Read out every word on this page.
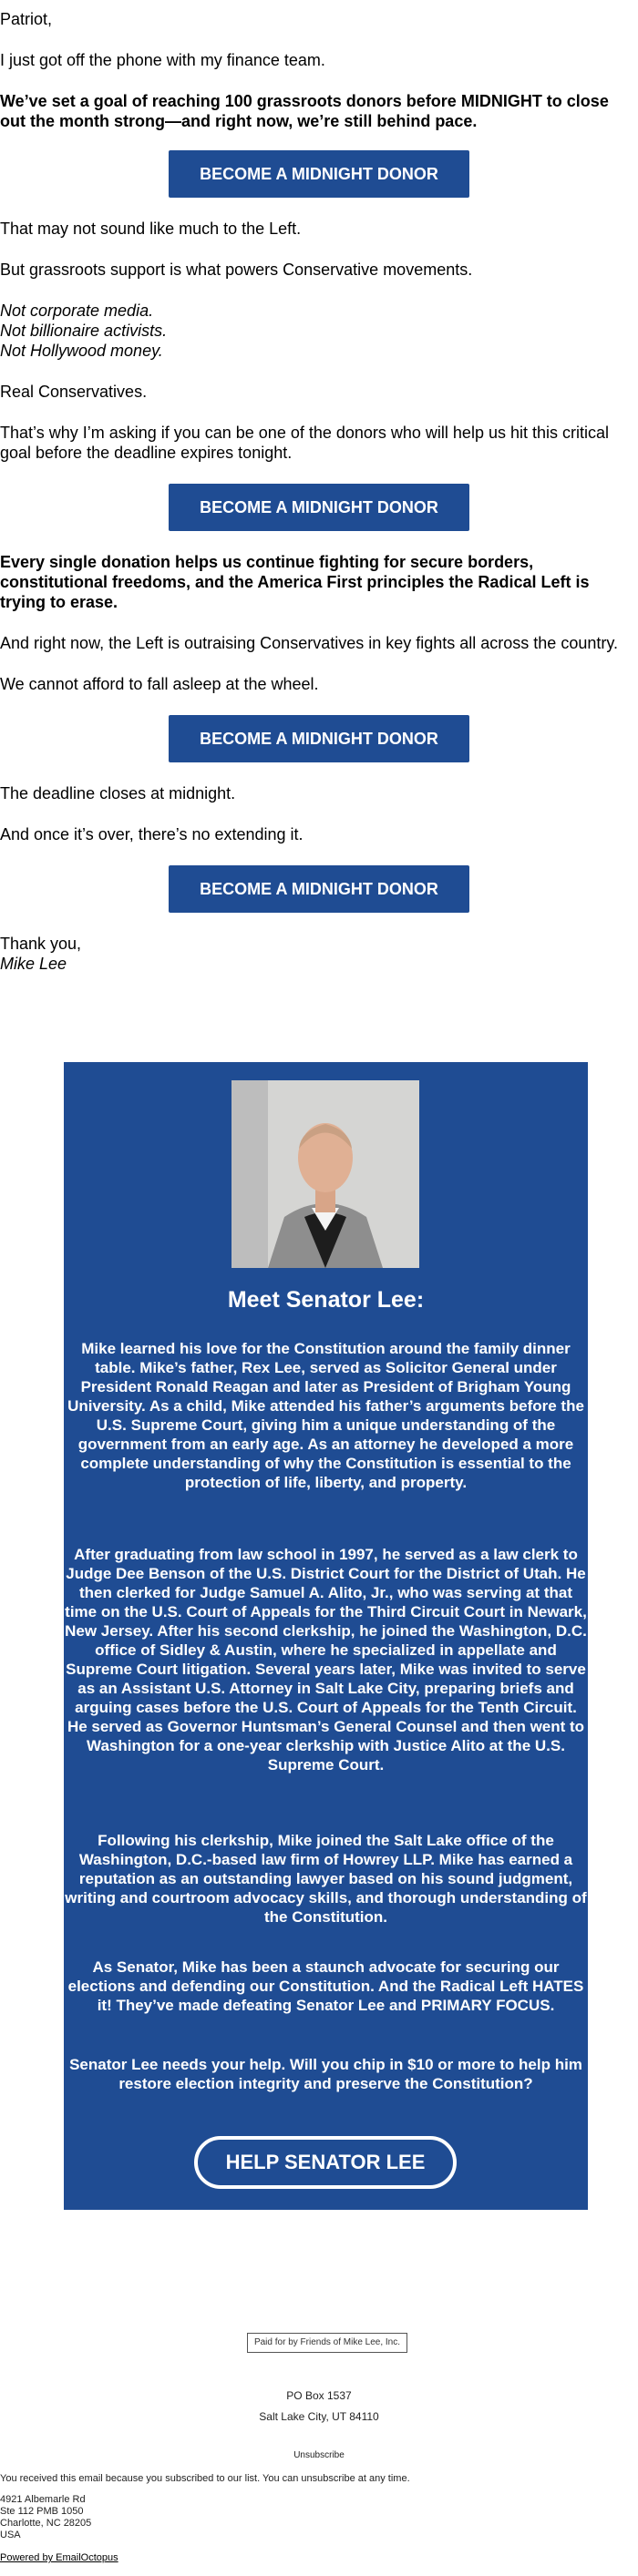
Patriot,

I just got off the phone with my finance team.

We’ve set a goal of reaching 100 grassroots donors before MIDNIGHT to close out the month strong—and right now, we’re still behind pace.

BECOME A MIDNIGHT DONOR

That may not sound like much to the Left.

But grassroots support is what powers Conservative movements.

Not corporate media.

Not billionaire activists.

Not Hollywood money.

Real Conservatives.

That’s why I’m asking if you can be one of the donors who will help us hit this critical goal before the deadline expires tonight.

BECOME A MIDNIGHT DONOR

Every single donation helps us continue fighting for secure borders, constitutional freedoms, and the America First principles the Radical Left is trying to erase.

And right now, the Left is outraising Conservatives in key fights all across the country.

We cannot afford to fall asleep at the wheel.

BECOME A MIDNIGHT DONOR

The deadline closes at midnight.

And once it’s over, there’s no extending it.

BECOME A MIDNIGHT DONOR

Thank you,

Mike Lee

Meet Senator Lee:
Mike learned his love for the Constitution around the family dinner table. Mike’s father, Rex Lee, served as Solicitor General under President Ronald Reagan and later as President of Brigham Young University. As a child, Mike attended his father’s arguments before the U.S. Supreme Court, giving him a unique understanding of the government from an early age. As an attorney he developed a more complete understanding of why the Constitution is essential to the protection of life, liberty, and property.
After graduating from law school in 1997, he served as a law clerk to Judge Dee Benson of the U.S. District Court for the District of Utah. He then clerked for Judge Samuel A. Alito, Jr., who was serving at that time on the U.S. Court of Appeals for the Third Circuit Court in Newark, New Jersey. After his second clerkship, he joined the Washington, D.C. office of Sidley & Austin, where he specialized in appellate and Supreme Court litigation. Several years later, Mike was invited to serve as an Assistant U.S. Attorney in Salt Lake City, preparing briefs and arguing cases before the U.S. Court of Appeals for the Tenth Circuit. He served as Governor Huntsman’s General Counsel and then went to Washington for a one-year clerkship with Justice Alito at the U.S. Supreme Court.
Following his clerkship, Mike joined the Salt Lake office of the Washington, D.C.-based law firm of Howrey LLP. Mike has earned a reputation as an outstanding lawyer based on his sound judgment, writing and courtroom advocacy skills, and thorough understanding of the Constitution.
As Senator, Mike has been a staunch advocate for securing our elections and defending our Constitution. And the Radical Left HATES it! They’ve made defeating Senator Lee and PRIMARY FOCUS.
Senator Lee needs your help. Will you chip in $10 or more to help him restore election integrity and preserve the Constitution?
HELP SENATOR LEE
Paid for by Friends of Mike Lee, Inc.
PO Box 1537
Salt Lake City, UT 84110
Unsubscribe
You received this email because you subscribed to our list. You can unsubscribe at any time.
4921 Albemarle Rd
Ste 112 PMB 1050
Charlotte, NC 28205
USA
Powered by EmailOctopus
